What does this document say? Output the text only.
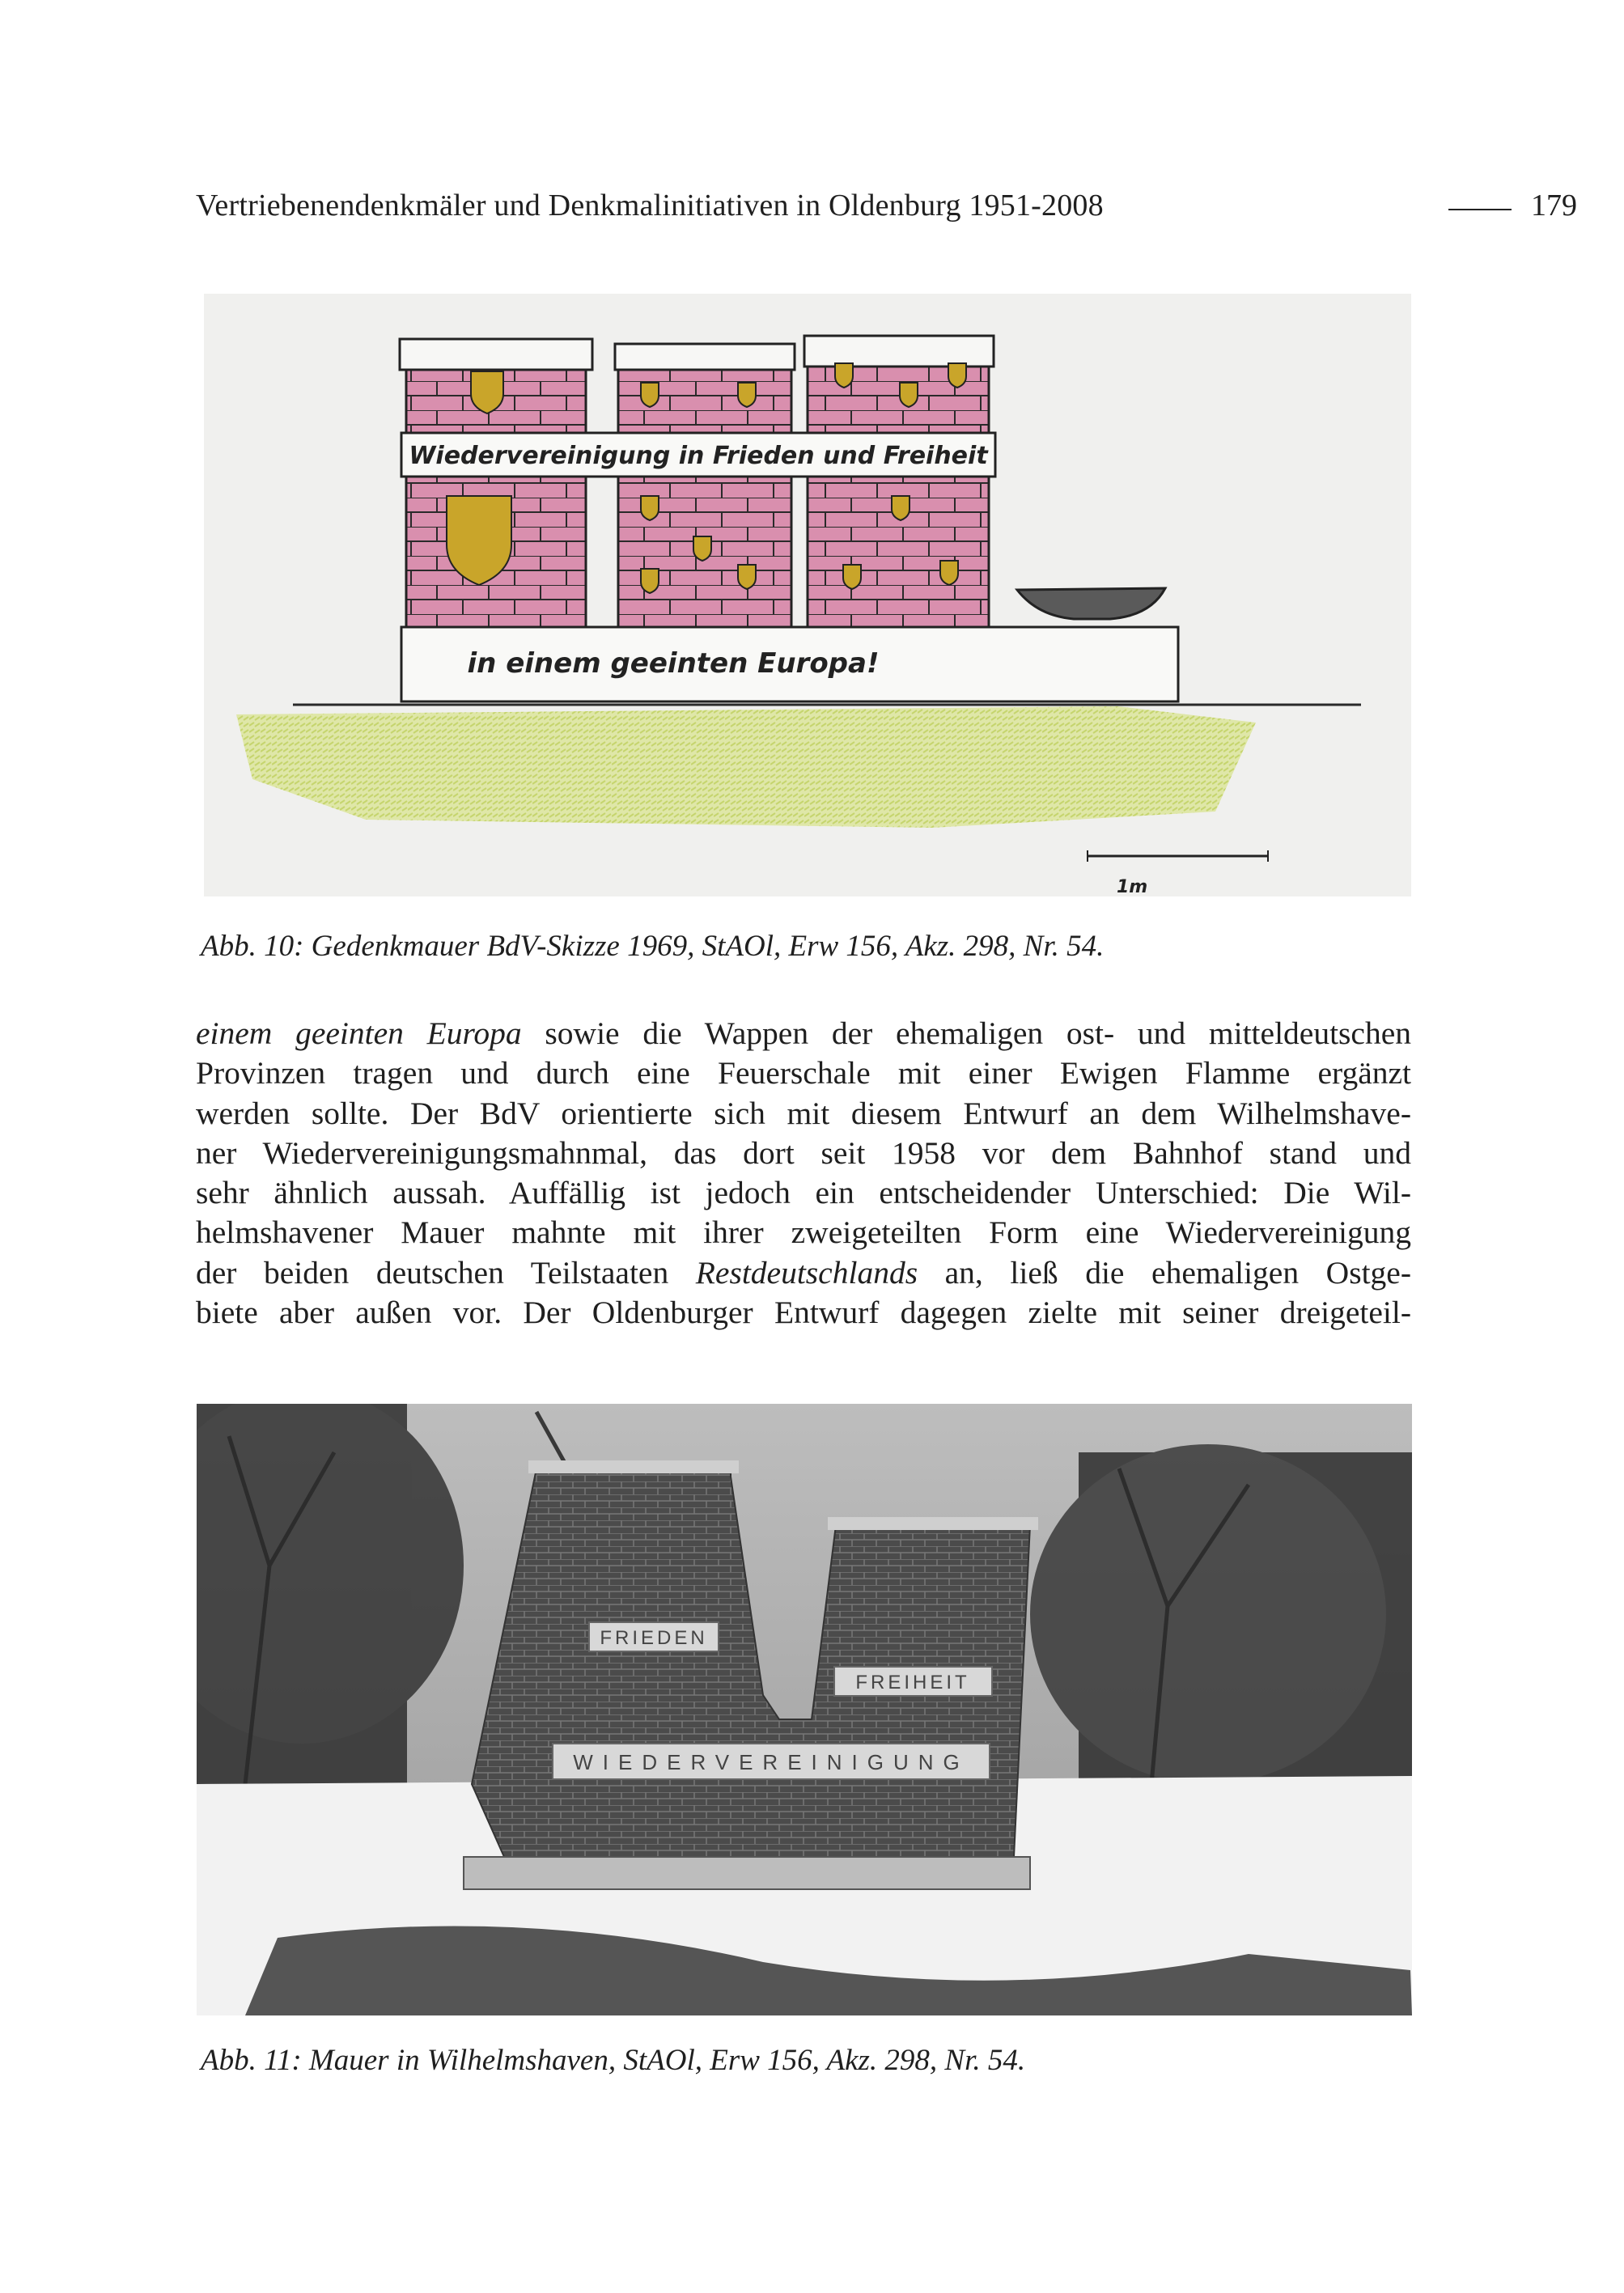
Vertriebenendenkmäler und Denkmalinitiativen in Oldenburg 1951-2008	179
Wiedervereinigung in Frieden und Freiheit
in einem geeinten Europa!
1m
Abb. 10: Gedenkmauer BdV-Skizze 1969, StAOl, Erw 156, Akz. 298, Nr. 54.
einem geeinten Europa sowie die Wappen der ehemaligen ost- und mitteldeutschen
Provinzen tragen und durch eine Feuerschale mit einer Ewigen Flamme ergänzt
werden sollte. Der BdV orientierte sich mit diesem Entwurf an dem Wilhelmshave-
ner Wiedervereinigungsmahnmal, das dort seit 1958 vor dem Bahnhof stand und
sehr ähnlich aussah. Auffällig ist jedoch ein entscheidender Unterschied: Die Wil-
helmshavener Mauer mahnte mit ihrer zweigeteilten Form eine Wiedervereinigung
der beiden deutschen Teilstaaten Restdeutschlands an, ließ die ehemaligen Ostge-
biete aber außen vor. Der Oldenburger Entwurf dagegen zielte mit seiner dreigeteil-
FRIEDEN
FREIHEIT
WIEDERVEREINIGUNG
Abb. 11: Mauer in Wilhelmshaven, StAOl, Erw 156, Akz. 298, Nr. 54.
